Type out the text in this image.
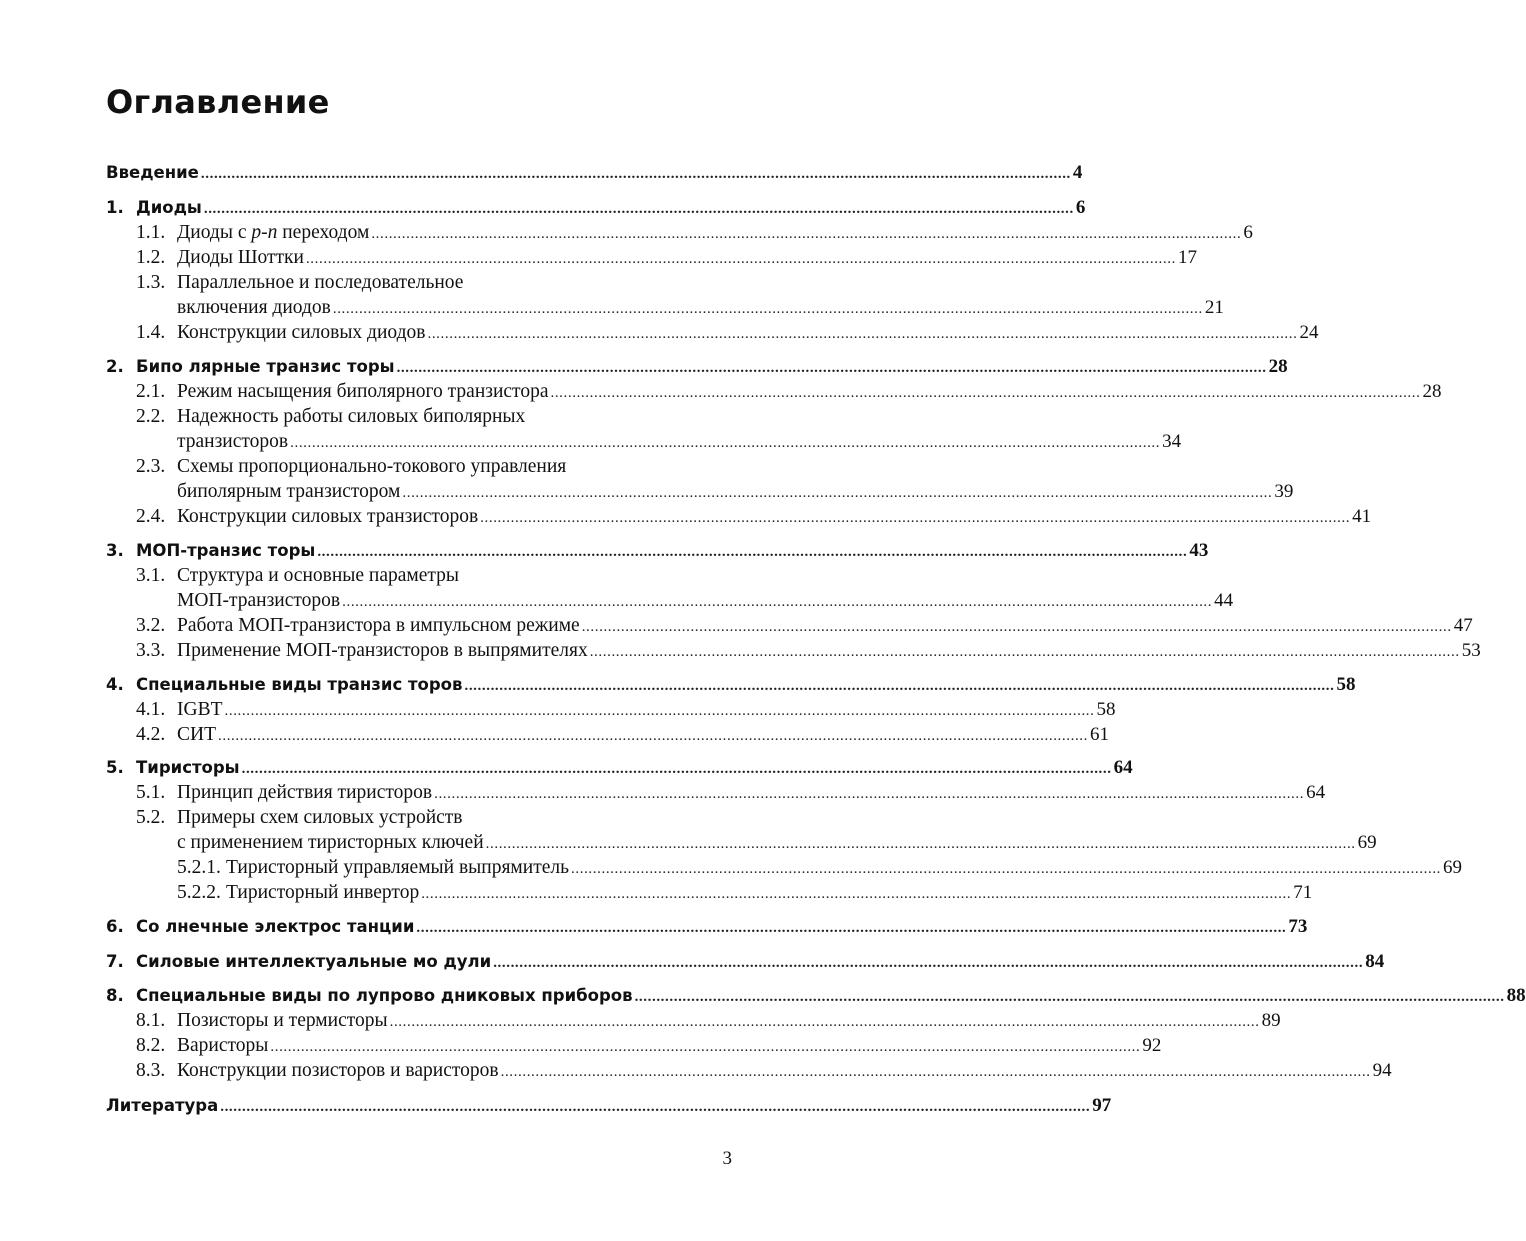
Оглавление
Введение ........................................................................................................................................................................................................ 4
1. Диоды ........................................................................................................................................................................................................ 6
1.1. Диоды с p-n переходом ........................................................................................................................................................................................................ 6
1.2. Диоды Шоттки ........................................................................................................................................................................................................ 17
1.3. Параллельное и последовательное
включения диодов ........................................................................................................................................................................................................ 21
1.4. Конструкции силовых диодов ........................................................................................................................................................................................................ 24
2. Бипо лярные транзис торы ........................................................................................................................................................................................................ 28
2.1. Режим насыщения биполярного транзистора ........................................................................................................................................................................................................ 28
2.2. Надежность работы силовых биполярных
транзисторов ........................................................................................................................................................................................................ 34
2.3. Схемы пропорционально-токового управления
биполярным транзистором ........................................................................................................................................................................................................ 39
2.4. Конструкции силовых транзисторов ........................................................................................................................................................................................................ 41
3. МОП-транзис торы ........................................................................................................................................................................................................ 43
3.1. Структура и основные параметры
МОП-транзисторов ........................................................................................................................................................................................................ 44
3.2. Работа МОП-транзистора в импульсном режиме ........................................................................................................................................................................................................ 47
3.3. Применение МОП-транзисторов в выпрямителях ........................................................................................................................................................................................................ 53
4. Специальные виды транзис торов ........................................................................................................................................................................................................ 58
4.1. IGBT ........................................................................................................................................................................................................ 58
4.2. СИТ ........................................................................................................................................................................................................ 61
5. Тиристоры ........................................................................................................................................................................................................ 64
5.1. Принцип действия тиристоров ........................................................................................................................................................................................................ 64
5.2. Примеры схем силовых устройств
с применением тиристорных ключей ........................................................................................................................................................................................................ 69
5.2.1. Тиристорный управляемый выпрямитель ........................................................................................................................................................................................................ 69
5.2.2. Тиристорный инвертор ........................................................................................................................................................................................................ 71
6. Со лнечные электрос танции ........................................................................................................................................................................................................ 73
7. Силовые интеллектуальные мо дули ........................................................................................................................................................................................................ 84
8. Специальные виды по лупрово дниковых приборов ........................................................................................................................................................................................................ 88
8.1. Позисторы и термисторы ........................................................................................................................................................................................................ 89
8.2. Варисторы ........................................................................................................................................................................................................ 92
8.3. Конструкции позисторов и варисторов ........................................................................................................................................................................................................ 94
Литература ........................................................................................................................................................................................................ 97
3
